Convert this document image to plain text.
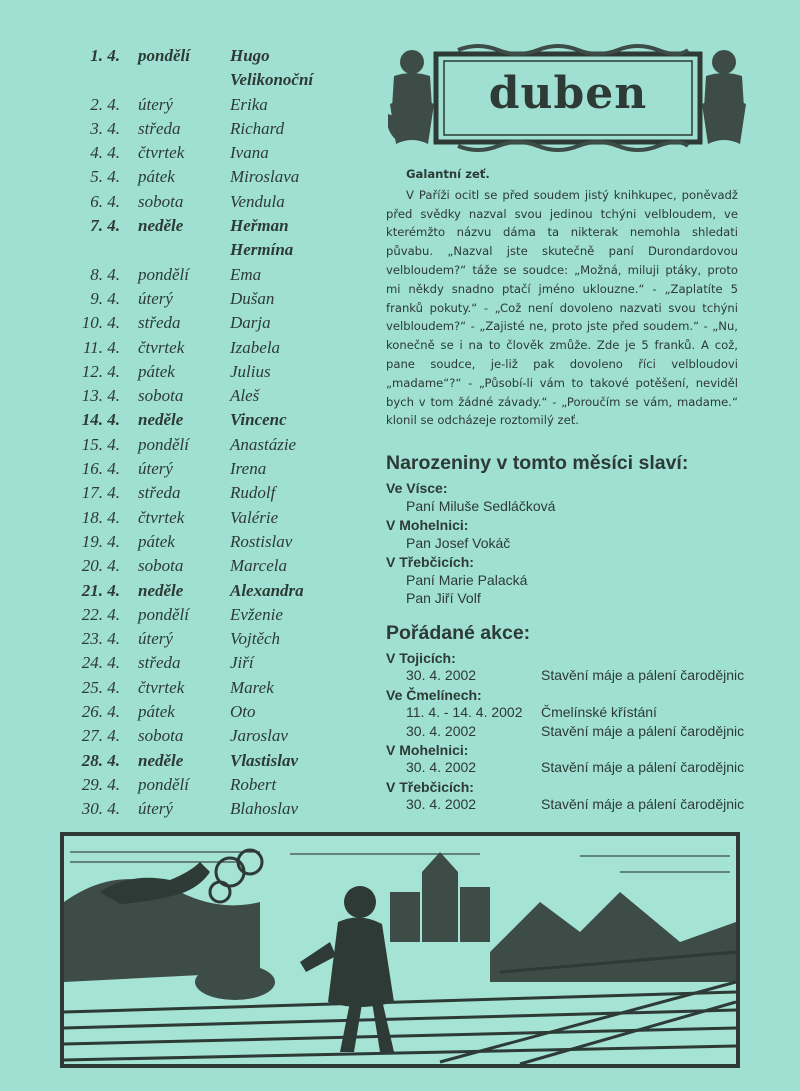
1. 4. pondělí Hugo
Velikonoční
2. 4. úterý	Erika
3. 4. středa	Richard
4. 4. čtvrtek	Ivana
5. 4. pátek	Miroslava
6. 4. sobota	Vendula
7. 4. neděle	Heřman
Hermína
8. 4. pondělí Ema
9. 4. úterý	Dušan
10. 4. středa	Darja
11. 4. čtvrtek	Izabela
12. 4. pátek	Julius
13. 4. sobota	Aleš
14. 4. neděle	Vincenc
15. 4. pondělí Anastázie
16. 4. úterý	Irena
17. 4. středa	Rudolf
18. 4. čtvrtek	Valérie
19. 4. pátek	Rostislav
20. 4. sobota	Marcela
21. 4. neděle	Alexandra
22. 4. pondělí Evženie
23. 4. úterý	Vojtěch
24. 4. středa	Jiří
25. 4. čtvrtek	Marek
26. 4. pátek	Oto
27. 4. sobota	Jaroslav
28. 4. neděle	Vlastislav
29. 4. pondělí Robert
30. 4. úterý	Blahoslav
duben
Galantní zeť.

V Paříži ocitl se před soudem jistý knihkupec, poněvadž před svědky nazval svou jedinou tchýni velbloudem, ve kterémžto názvu dáma ta nikterak nemohla shledati půvabu. „Nazval jste skutečně paní Durondardovou velbloudem?“ táže se soudce: „Možná, miluji ptáky, proto mi někdy snadno ptačí jméno uklouzne.“ - „Zaplatíte 5 franků pokuty.“ - „Což není dovoleno nazvati svou tchýni velbloudem?“ - „Zajisté ne, proto jste před soudem.“ - „Nu, konečně se i na to člověk zmůže. Zde je 5 franků. A což, pane soudce, je-liž pak dovoleno říci velbloudovi „madame“?“ - „Působí-li vám to takové potěšení, neviděl bych v tom žádné závady.“ - „Poroučím se vám, madame.“ klonil se odcházeje roztomilý zeť.

Narozeniny v tomto měsíci slaví:
Ve Vísce:
Paní Miluše Sedláčková
V Mohelnici:
Pan Josef Vokáč
V Třebčicích:
Paní Marie Palacká
Pan Jiří Volf
Pořádané akce:
V Tojicích:
30. 4. 2002	Stavění máje a pálení čarodějnic
Ve Čmelínech:
11. 4. - 14. 4. 2002 Čmelínské křístání
30. 4. 2002	Stavění máje a pálení čarodějnic
V Mohelnici:
30. 4. 2002	Stavění máje a pálení čarodějnic
V Třebčicích:
30. 4. 2002	Stavění máje a pálení čarodějnic
